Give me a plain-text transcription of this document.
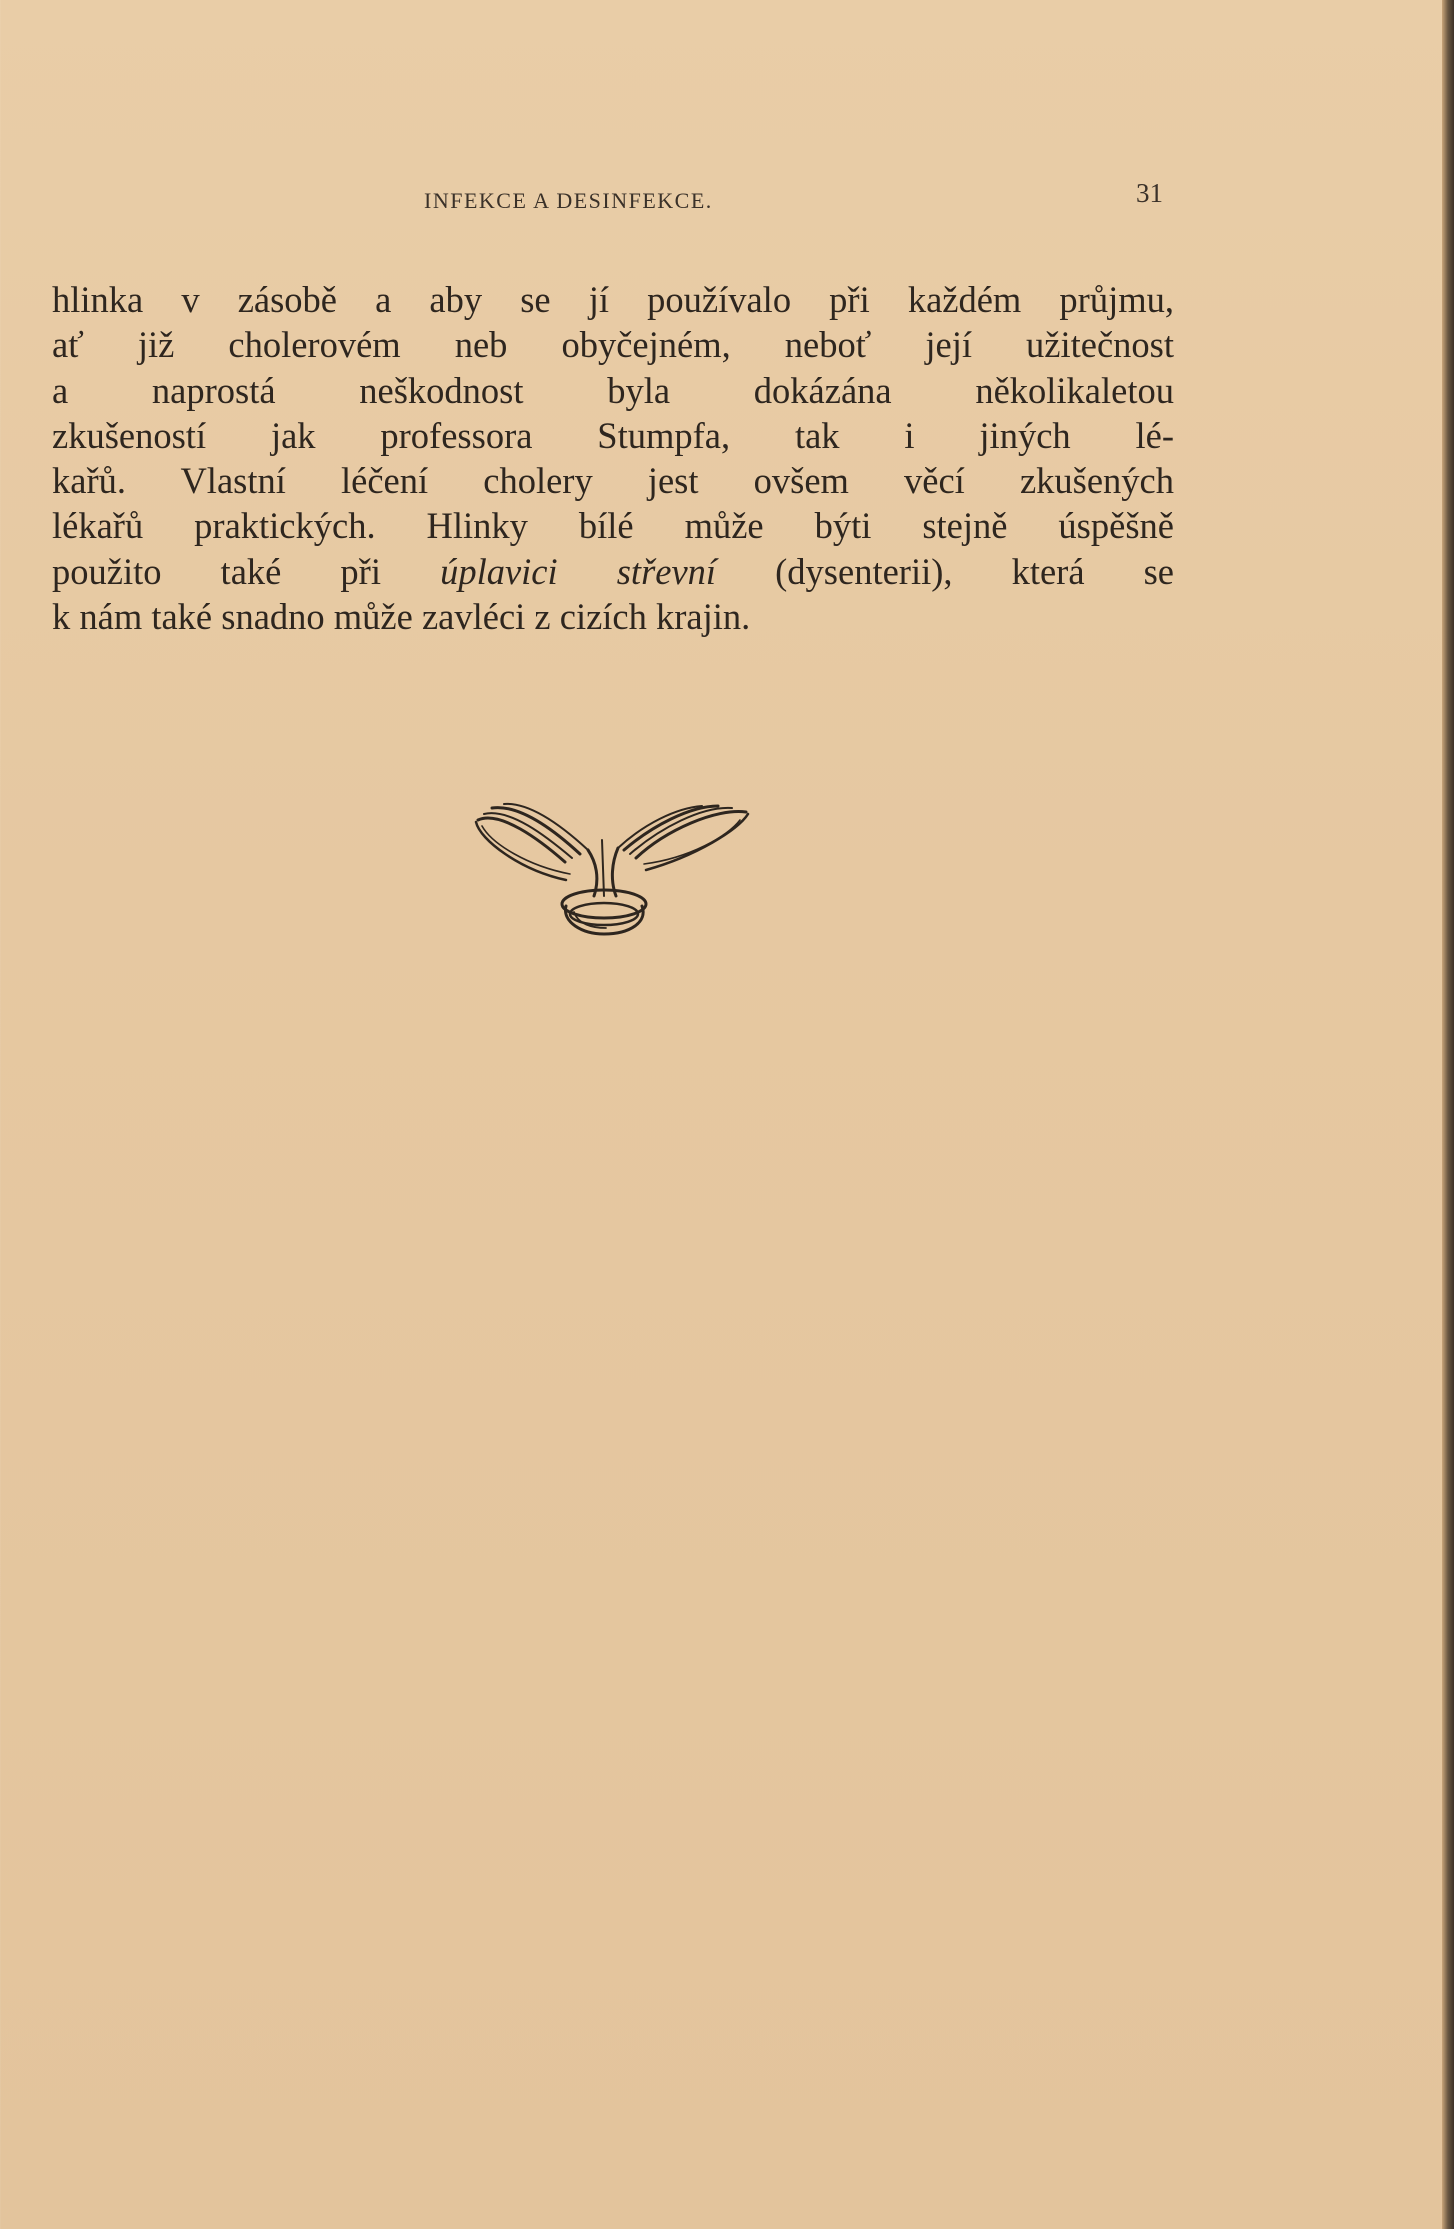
INFEKCE A DESINFEKCE.	31
hlinka v zásobě a aby se jí používalo při každém průjmu,
ať již cholerovém neb obyčejném, neboť její užitečnost
a naprostá neškodnost byla dokázána několikaletou
zkušeností jak professora Stumpfa, tak i jiných lé-
kařů. Vlastní léčení cholery jest ovšem věcí zkušených
lékařů praktických. Hlinky bílé může býti stejně úspěšně
použito také při úplavici střevní (dysenterii), která se
k nám také snadno může zavléci z cizích krajin.
